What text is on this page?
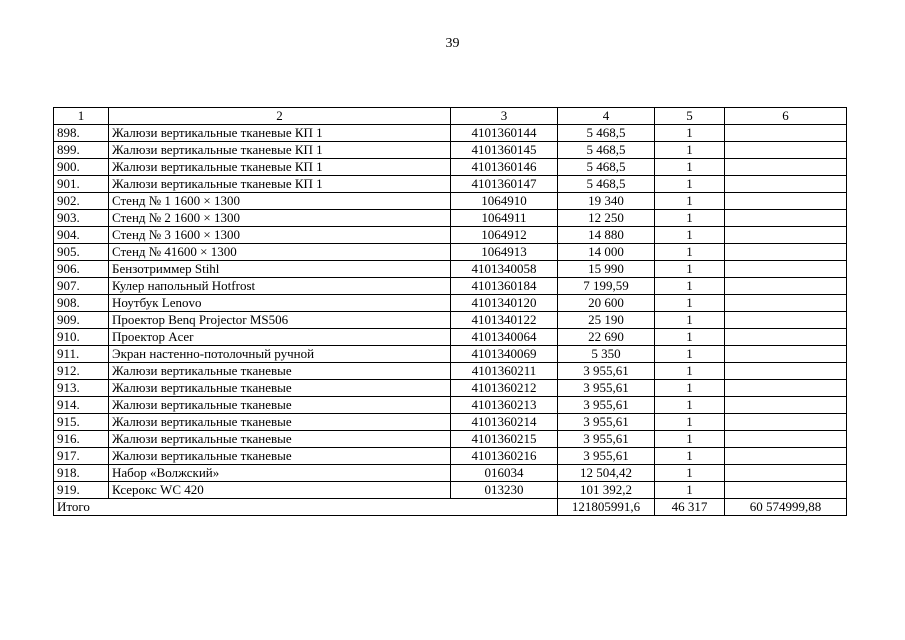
39
1	2	3	4	5	6
898.	Жалюзи вертикальные тканевые КП 1	4101360144	5 468,5	1	
899.	Жалюзи вертикальные тканевые КП 1	4101360145	5 468,5	1	
900.	Жалюзи вертикальные тканевые КП 1	4101360146	5 468,5	1	
901.	Жалюзи вертикальные тканевые КП 1	4101360147	5 468,5	1	
902.	Стенд № 1 1600 × 1300	1064910	19 340	1	
903.	Стенд № 2 1600 × 1300	1064911	12 250	1	
904.	Стенд № 3 1600 × 1300	1064912	14 880	1	
905.	Стенд № 41600 × 1300	1064913	14 000	1	
906.	Бензотриммер Stihl	4101340058	15 990	1	
907.	Кулер напольный Hotfrost	4101360184	7 199,59	1	
908.	Ноутбук Lenovo	4101340120	20 600	1	
909.	Проектор Benq Projector MS506	4101340122	25 190	1	
910.	Проектор Acer	4101340064	22 690	1	
911.	Экран настенно-потолочный ручной	4101340069	5 350	1	
912.	Жалюзи вертикальные тканевые	4101360211	3 955,61	1	
913.	Жалюзи вертикальные тканевые	4101360212	3 955,61	1	
914.	Жалюзи вертикальные тканевые	4101360213	3 955,61	1	
915.	Жалюзи вертикальные тканевые	4101360214	3 955,61	1	
916.	Жалюзи вертикальные тканевые	4101360215	3 955,61	1	
917.	Жалюзи вертикальные тканевые	4101360216	3 955,61	1	
918.	Набор «Волжский»	016034	12 504,42	1	
919.	Ксерокс WC 420	013230	101 392,2	1	
Итого			121805991,6	46 317	60 574999,88
